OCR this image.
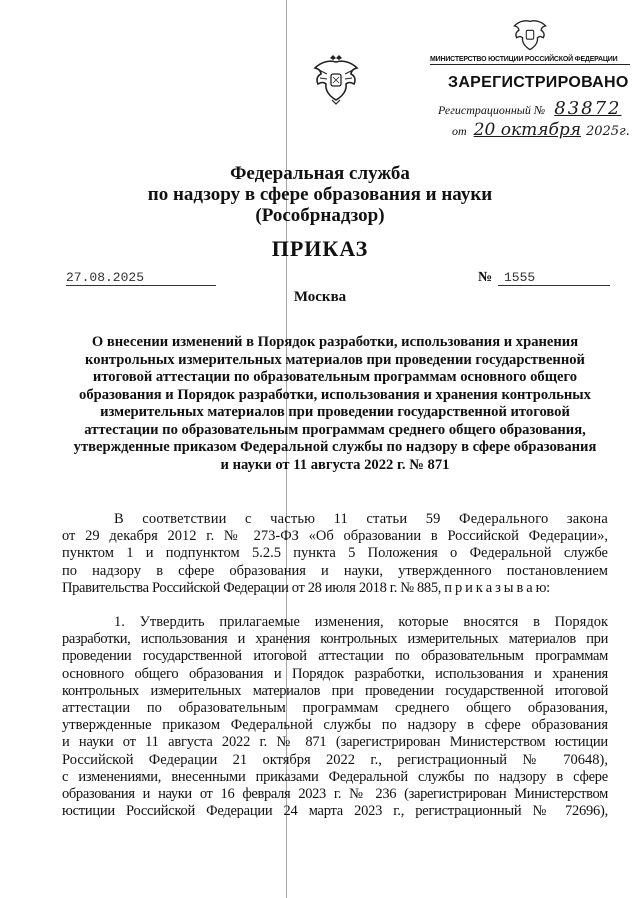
МИНИСТЕРСТВО ЮСТИЦИИ РОССИЙСКОЙ ФЕДЕРАЦИИ
ЗАРЕГИСТРИРОВАНО
Регистрационный № 83872
от 20 октября 2025г.
Федеральная служба
по надзору в сфере образования и науки
(Рособрнадзор)
ПРИКАЗ
27.08.2025	№ 1555
Москва
О внесении изменений в Порядок разработки, использования и хранения
контрольных измерительных материалов при проведении государственной
итоговой аттестации по образовательным программам основного общего
образования и Порядок разработки, использования и хранения контрольных
измерительных материалов при проведении государственной итоговой
аттестации по образовательным программам среднего общего образования,
утвержденные приказом Федеральной службы по надзору в сфере образования
и науки от 11 августа 2022 г. № 871
В соответствии с частью 11 статьи 59 Федерального закона
от 29 декабря 2012 г. № 273-ФЗ «Об образовании в Российской Федерации»,
пунктом 1 и подпунктом 5.2.5 пункта 5 Положения о Федеральной службе
по надзору в сфере образования и науки, утвержденного постановлением
Правительства Российской Федерации от 28 июля 2018 г. № 885, п р и к а з ы в а ю:
1. Утвердить прилагаемые изменения, которые вносятся в Порядок
разработки, использования и хранения контрольных измерительных материалов при
проведении государственной итоговой аттестации по образовательным программам
основного общего образования и Порядок разработки, использования и хранения
контрольных измерительных материалов при проведении государственной итоговой
аттестации по образовательным программам среднего общего образования,
утвержденные приказом Федеральной службы по надзору в сфере образования
и науки от 11 августа 2022 г. № 871 (зарегистрирован Министерством юстиции
Российской Федерации 21 октября 2022 г., регистрационный № 70648),
с изменениями, внесенными приказами Федеральной службы по надзору в сфере
образования и науки от 16 февраля 2023 г. № 236 (зарегистрирован Министерством
юстиции Российской Федерации 24 марта 2023 г., регистрационный № 72696),
